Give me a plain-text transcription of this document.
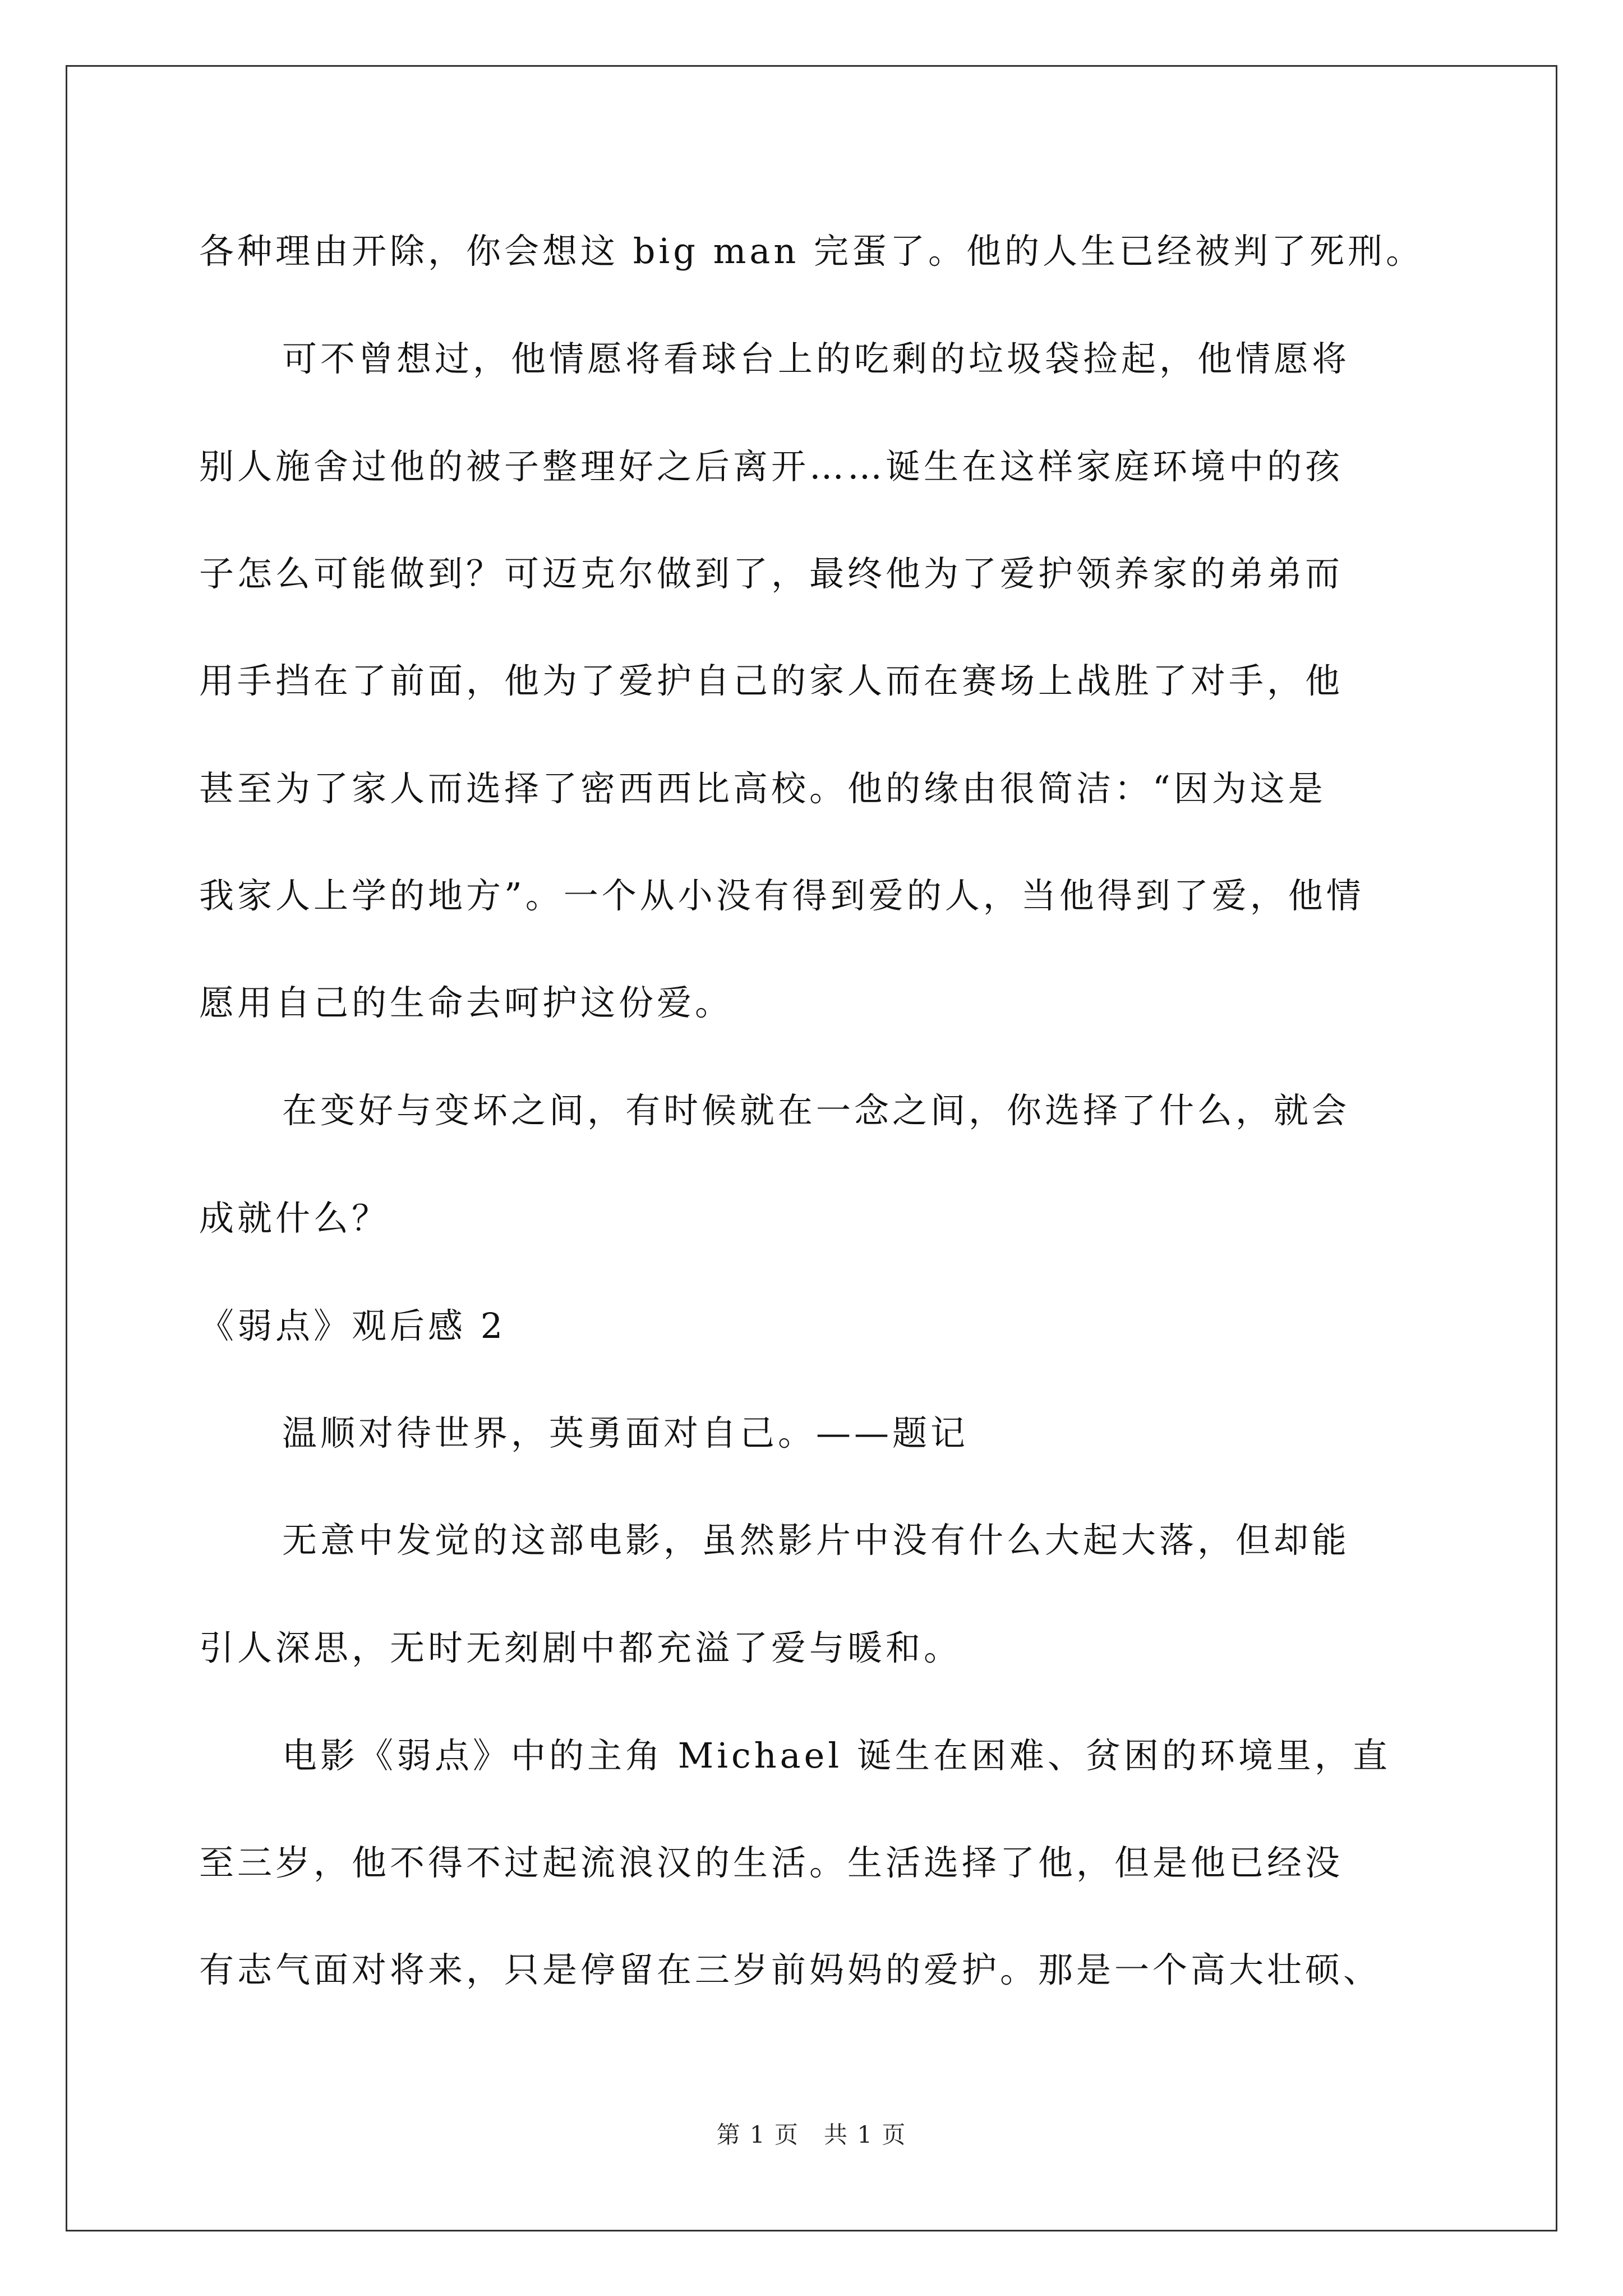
各种理由开除，你会想这 big man 完蛋了。他的人生已经被判了死刑。
可不曾想过，他情愿将看球台上的吃剩的垃圾袋捡起，他情愿将
别人施舍过他的被子整理好之后离开……诞生在这样家庭环境中的孩
子怎么可能做到？可迈克尔做到了，最终他为了爱护领养家的弟弟而
用手挡在了前面，他为了爱护自己的家人而在赛场上战胜了对手，他
甚至为了家人而选择了密西西比高校。他的缘由很简洁：“因为这是
我家人上学的地方”。一个从小没有得到爱的人，当他得到了爱，他情
愿用自己的生命去呵护这份爱。
在变好与变坏之间，有时候就在一念之间，你选择了什么，就会
成就什么？
《弱点》观后感 2
温顺对待世界，英勇面对自己。——题记
无意中发觉的这部电影，虽然影片中没有什么大起大落，但却能
引人深思，无时无刻剧中都充溢了爱与暖和。
电影《弱点》中的主角 Michael 诞生在困难、贫困的环境里，直
至三岁，他不得不过起流浪汉的生活。生活选择了他，但是他已经没
有志气面对将来，只是停留在三岁前妈妈的爱护。那是一个高大壮硕、
第 1 页　共 1 页
